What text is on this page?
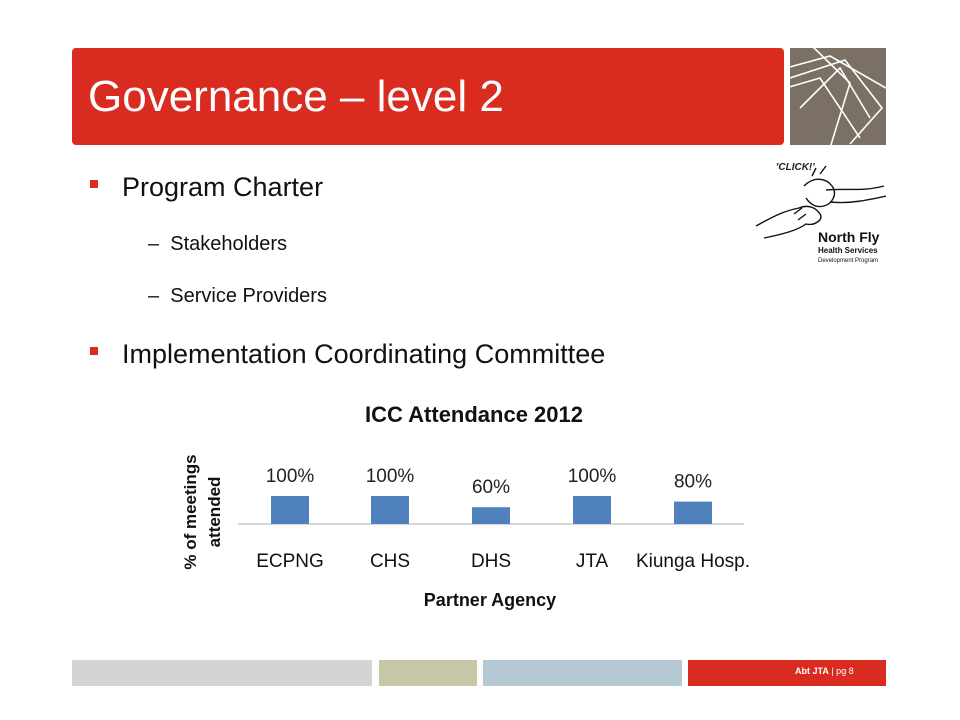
Governance – level 2
'CLICK!'
North Fly
Health Services
Development Program
Program Charter
– Stakeholders
– Service Providers
Implementation Coordinating Committee
ICC Attendance 2012
% of meetings attended
100%
ECPNG
100%
CHS
60%
DHS
100%
JTA
80%
Kiunga Hosp.
Partner Agency
Abt JTA | pg 8
